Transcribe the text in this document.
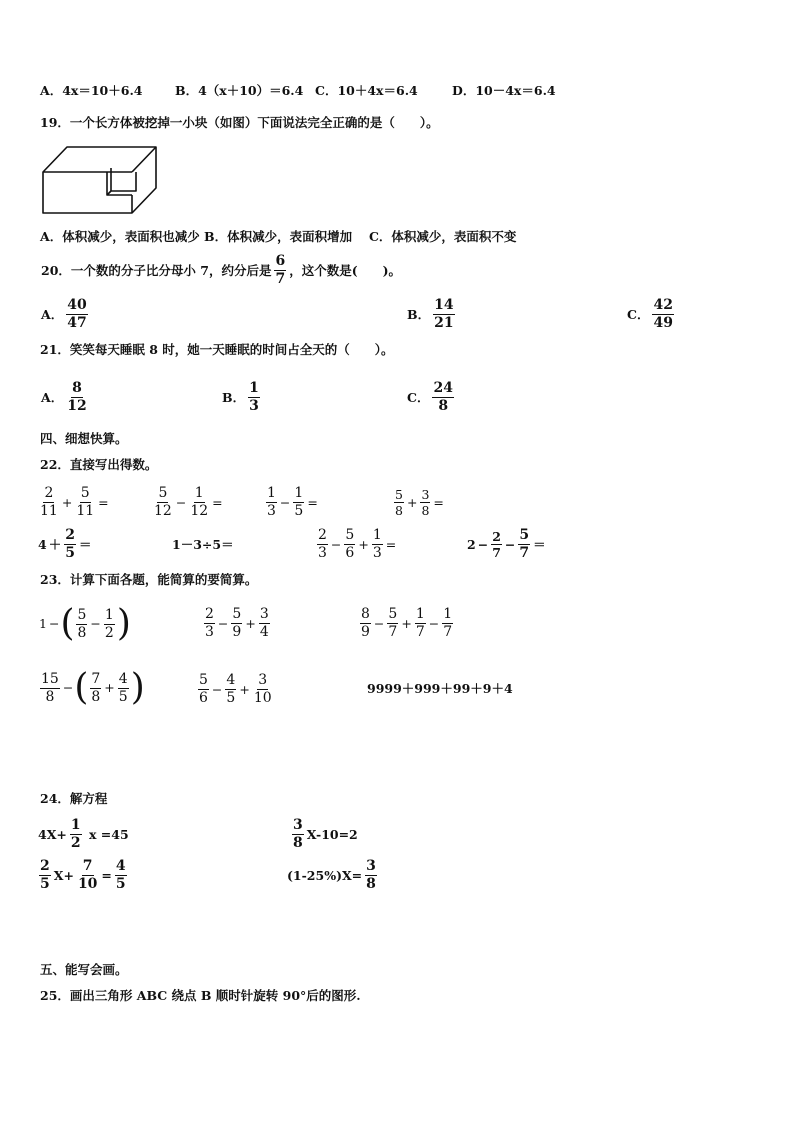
A．4x＝10＋6.4	B．4（x＋10）＝6.4 C．10＋4x＝6.4	D．10－4x＝6.4
19．一个长方体被挖掉一小块（如图）下面说法完全正确的是（　　）。
A．体积减少，表面积也减少 B．体积减少，表面积增加　 C．体积减少，表面积不变
20．一个数的分子比分母小 7，约分后是 $\frac{6}{7}$ ，这个数是(　　)。
A． $\frac{40}{47}$	B． $\frac{14}{21}$	C． $\frac{42}{49}$
21．笑笑每天睡眠 8 时，她一天睡眠的时间占全天的（　　）。
A． $\frac{8}{12}$	B． $\frac{1}{3}$	C． $\frac{24}{8}$
四、细想快算。
22．直接写出得数。
$\frac{2}{11} + \frac{5}{11}$ =	$\frac{5}{12} - \frac{1}{12}$ =	$\frac{1}{3} - \frac{1}{5}$ =	$\frac{5}{8} + \frac{3}{8}$ =
$4 + \frac{2}{5}$ ＝	1－3÷5＝	$\frac{2}{3} - \frac{5}{6} + \frac{1}{3}$ =	$2 - \frac{2}{7} - \frac{5}{7}$ ＝
23．计算下面各题，能简算的要简算。
1 −( $\frac{5}{8} - \frac{1}{2}$ )	$\frac{2}{3} - \frac{5}{9} + \frac{3}{4}$	$\frac{8}{9} - \frac{5}{7} + \frac{1}{7} - \frac{1}{7}$
$\frac{15}{8}$ −( $\frac{7}{8} + \frac{4}{5}$ )	$\frac{5}{6} - \frac{4}{5} + \frac{3}{10}$	9999＋999＋99＋9＋4
24．解方程
$4X+ \frac{1}{2}$ x =45	$\frac{3}{8} X-10=2$
$\frac{2}{5} X+ \frac{7}{10} = \frac{4}{5}$	$(1-25\%)X= \frac{3}{8}$
五、能写会画。
25．画出三角形 ABC 绕点 B 顺时针旋转 90°后的图形.
